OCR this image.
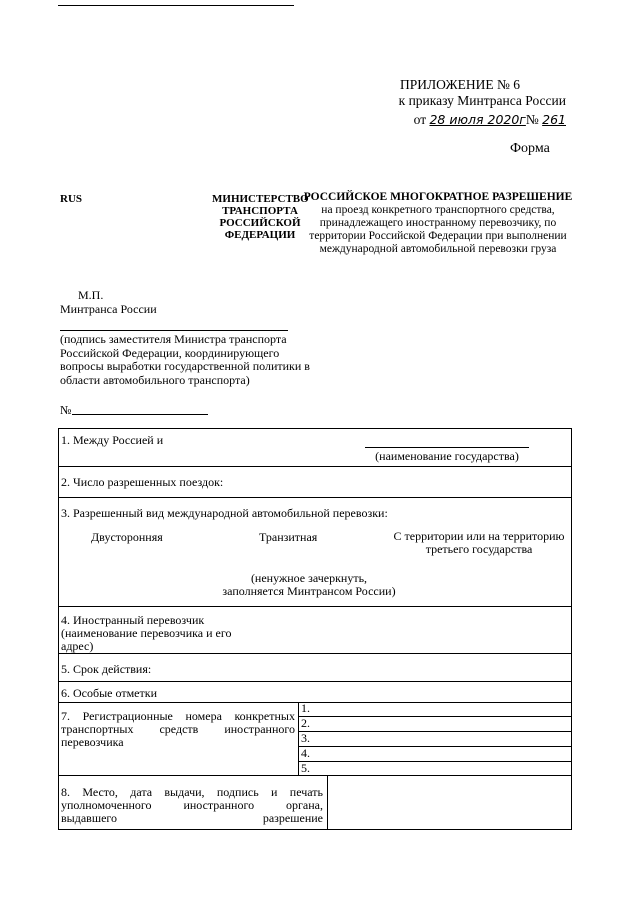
ПРИЛОЖЕНИЕ № 6
к приказу Минтранса России
от 28 июля 2020г№ 261
Форма
RUS	МИНИСТЕРСТВО ТРАНСПОРТА РОССИЙСКОЙ ФЕДЕРАЦИИ
РОССИЙСКОЕ МНОГОКРАТНОЕ РАЗРЕШЕНИЕ
на проезд конкретного транспортного средства, принадлежащего иностранному перевозчику, по территории Российской Федерации при выполнении международной автомобильной перевозки груза
М.П.
Минтранса России
(подпись заместителя Министра транспорта Российской Федерации, координирующего вопросы выработки государственной политики в области автомобильного транспорта)
№
1. Между Россией и
(наименование государства)
2. Число разрешенных поездок:
3. Разрешенный вид международной автомобильной перевозки:
Двусторонняя	Транзитная	С территории или на территорию третьего государства
(ненужное зачеркнуть, заполняется Минтрансом России)
4. Иностранный перевозчик (наименование перевозчика и его адрес)
5. Срок действия:
6. Особые отметки
7. Регистрационные номера конкретных транспортных средств иностранного перевозчика
1.
2.
3.
4.
5.
8. Место, дата выдачи, подпись и печать уполномоченного иностранного органа, выдавшего разрешение
